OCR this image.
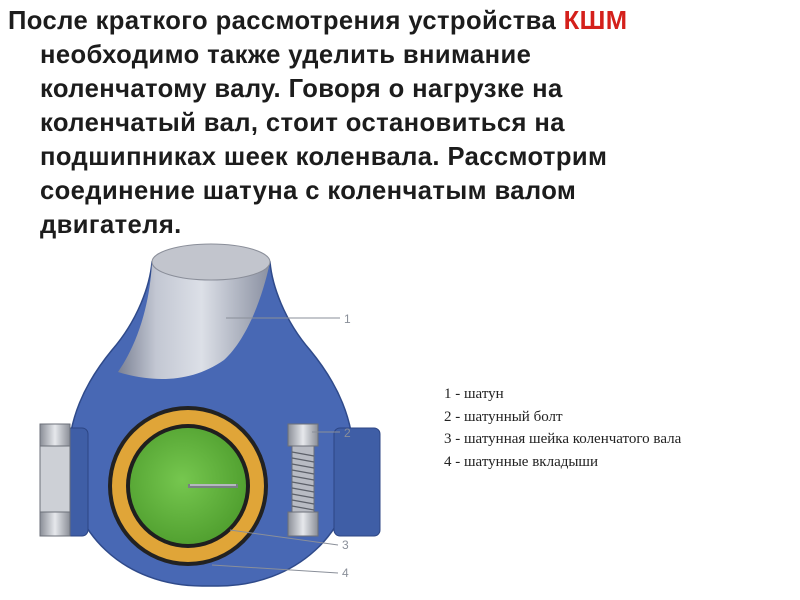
1
2
3
4
После краткого рассмотрения устройства КШМ
необходимо также уделить внимание
коленчатому валу. Говоря о нагрузке на
коленчатый вал, стоит остановиться на
подшипниках шеек коленвала. Рассмотрим
соединение шатуна с коленчатым валом
двигателя.
1 - шатун
2 - шатунный болт
3 - шатунная шейка коленчатого вала
4 - шатунные вкладыши
